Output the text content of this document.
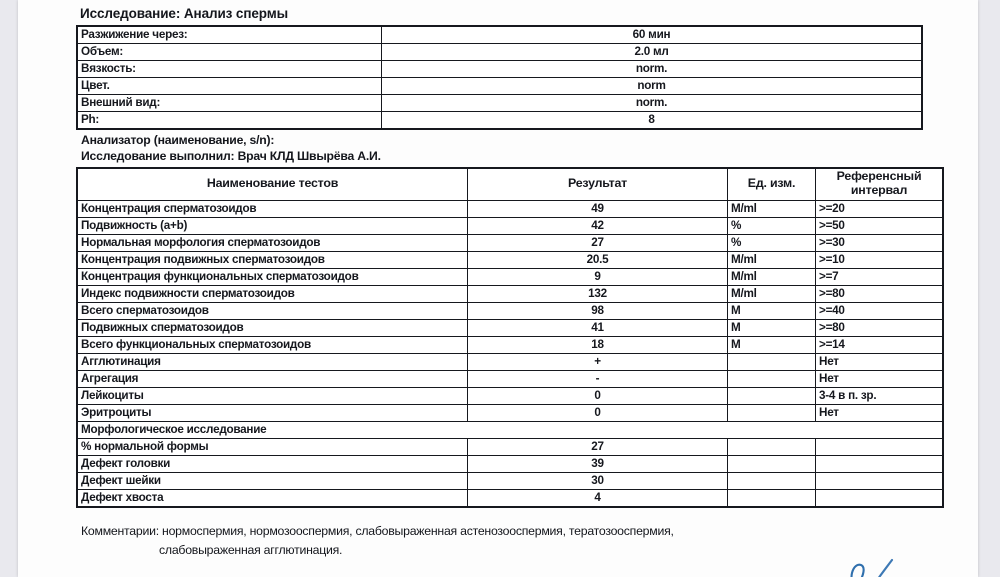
Исследование: Анализ спермы
Разжижение через:	60 мин
Объем:	2.0 мл
Вязкость:	norm.
Цвет.	norm
Внешний вид:	norm.
Ph:	8
Анализатор (наименование, s/n):
Исследование выполнил: Врач КЛД Швырёва А.И.
Наименование тестов	Результат	Ед. изм.	Референсный интервал
Концентрация сперматозоидов	49	M/ml	>=20
Подвижность (a+b)	42	%	>=50
Нормальная морфология сперматозоидов	27	%	>=30
Концентрация подвижных сперматозоидов	20.5	M/ml	>=10
Концентрация функциональных сперматозоидов	9	M/ml	>=7
Индекс подвижности сперматозоидов	132	M/ml	>=80
Всего сперматозоидов	98	M	>=40
Подвижных сперматозоидов	41	M	>=80
Всего функциональных сперматозоидов	18	M	>=14
Агглютинация	+		Нет
Агрегация	-		Нет
Лейкоциты	0		3-4 в п. зр.
Эритроциты	0		Нет
Морфологическое исследование			
% нормальной формы	27		
Дефект головки	39		
Дефект шейки	30		
Дефект хвоста	4		
Комментарии: нормоспермия, нормозооспермия, слабовыраженная астенозооспермия, тератозооспермия,
слабовыраженная агглютинация.
